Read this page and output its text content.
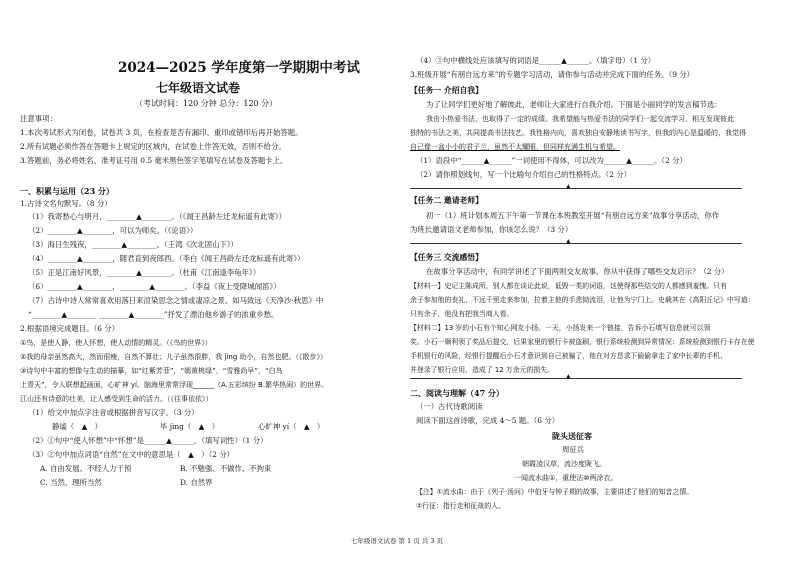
2024—2025 学年度第一学期期中考试
七年级语文试卷
（考试时间：120 分钟 总分：120 分）
注意事项：
1.本次考试形式为闭卷，试卷共 3 页，在检查是否有漏印、重印或错印后再开始答题。
2.所有试题必须作答在答题卡上规定的区域内，在试卷上作答无效，否则不给分。
3.答题前，务必将姓名、准考证号用 0.5 毫米黑色签字笔填写在试卷及答题卡上。
一、积累与运用（23 分）
1.古诗文名句默写。（8 分）
（1）我寄愁心与明月，________▲________。（《闻王昌龄左迁龙标遥有此寄》）
（2）________▲________，可以为师矣。（《论语》）
（3）海日生残夜，________▲________。（王湾《次北固山下》）
（4）________▲________，随君直到夜郎西。（李白《闻王昌龄左迁龙标遥有此寄》）
（5）正是江南好风景，________▲________。（杜甫《江南逢李龟年》）
（6）________▲________，________▲________。（李益《夜上受降城闻笛》）
（7）古诗中诗人常常喜欢用落日来渲染思念之情或凄凉之景。如马致远《天净沙·秋思》中
“________▲________ ________▲________”抒发了漂泊他乡游子的浓重乡愁。
2.根据语境完成题目。（6 分）
①鸟，是使人静，使人怀想，使人动情的精灵。（《鸟的世界》）
②我的母亲虽然高大，然而很瘦，自然不算壮；儿子虽然很胖，我 jìng 幼小，自然也肥。（《散步》）
③诗句中丰富的想像与生动的描摹，如“红紫芳菲”，“嫣黄桃绿”，“雪雅尚早”，“白鸟
上青天”，令人联想起画面，心旷神 yí。脑海里常常浮现______（A.五彩缤纷 B.繁华热闹）的世界。
江山还有诗意的壮美，让人感受到生命的活力。（《往事依依》）
（1）给文中加点字注音或根据拼音写汉字。（3 分）
静谧（　▲　）	毕 jìng（　▲　）	心旷神 yí（　▲　）
（2）①句中“使人怀想”中“怀想”是______▲______。（填写词性）（1 分）
（3）②句中加点词语“自然”在文中的意思是（　▲　）（2 分）
A. 自由发展、不经人力干预	B. 不勉强、不做作、不拘束
C. 当然、理所当然	D. 自然界
（4）③句中横线处应该填写的词语是______▲______。（填字母）（1 分）
3.班级开展“有朋自远方来”的专题学习活动，请你参与活动并完成下面的任务。（9 分）
【任务一 介绍自我】
为了让同学们更好地了解彼此，老师让大家进行自我介绍。下面是小丽同学的发言稿节选：
我由小热爱书法，也取得了一定的成绩。我希望能与热爱书法的同学们一起交流学习，相互发现彼此
独特的书法之美，共同提高书法技艺。我性格内向，喜欢独自安静地读书写字，但我的内心是温暖的，我觉得
自己像一盆小小的君子兰，虽然不太耀眼，但同样充满生机与希望。
（1）语段中“______▲______”一词使用不得体，可以改为______▲______。（2 分）
（2）请你照划线句，写一个比喻句介绍自己的性格特点。（2 分）
▲
【任务二 邀请老师】
初一（1）班计划本周五下午第一节课在本班教室开展“有朋自远方来”故事分享活动，你作
为班长邀请语文老师参加，你该怎么说？（3 分）
▲
【任务三 交流感悟】
在故事分享活动中，有同学讲述了下面两则交友故事，你从中获得了哪些交友启示？（2 分）
【材料一】史记主陈成所，别人都在谈论此说，诋毁一类的词语，这使得那些结交的人都感到羞愧。只有
余子参加他的丧礼，不远千里走来参加，拉着主他的手悲恸流泪，让他为宁门上。史载其在《高阳丘记》中写道：
只有余子，他没有把我当商人看。
【材料二】13 岁的小石有个知心网友小扬。一天，小扬发来一个链接，告诉小石填写信息就可以领
奖。小石一顺利领了奖品后提交，后果家里的银行卡被盗刷，银行系统检测到异常情况：系统检测到银行卡存在使
手机银行的风险，经银行提醒后小石才意识到自己被骗了，他在对方恳求下偷偷拿走了家中长辈的手机、
并登录了银行应用，造成了 12 万余元的损失。
▲
二、阅读与理解（47 分）
（一）古代诗歌阅读
阅读下面这首诗歌，完成 4～5 题。（6 分）
陇头送征客
周征兵
朝霞凌汉草，流沙度陇飞。
一闻流水曲①，重使沾⑩两涂衣。
【注】①流水曲：由于《列子·汤问》中伯牙与钟子期的故事，主要讲述了他们的知音之情。
②行征：指行走和征战的人。
七年级语文试卷 第 1 页 共 3 页
